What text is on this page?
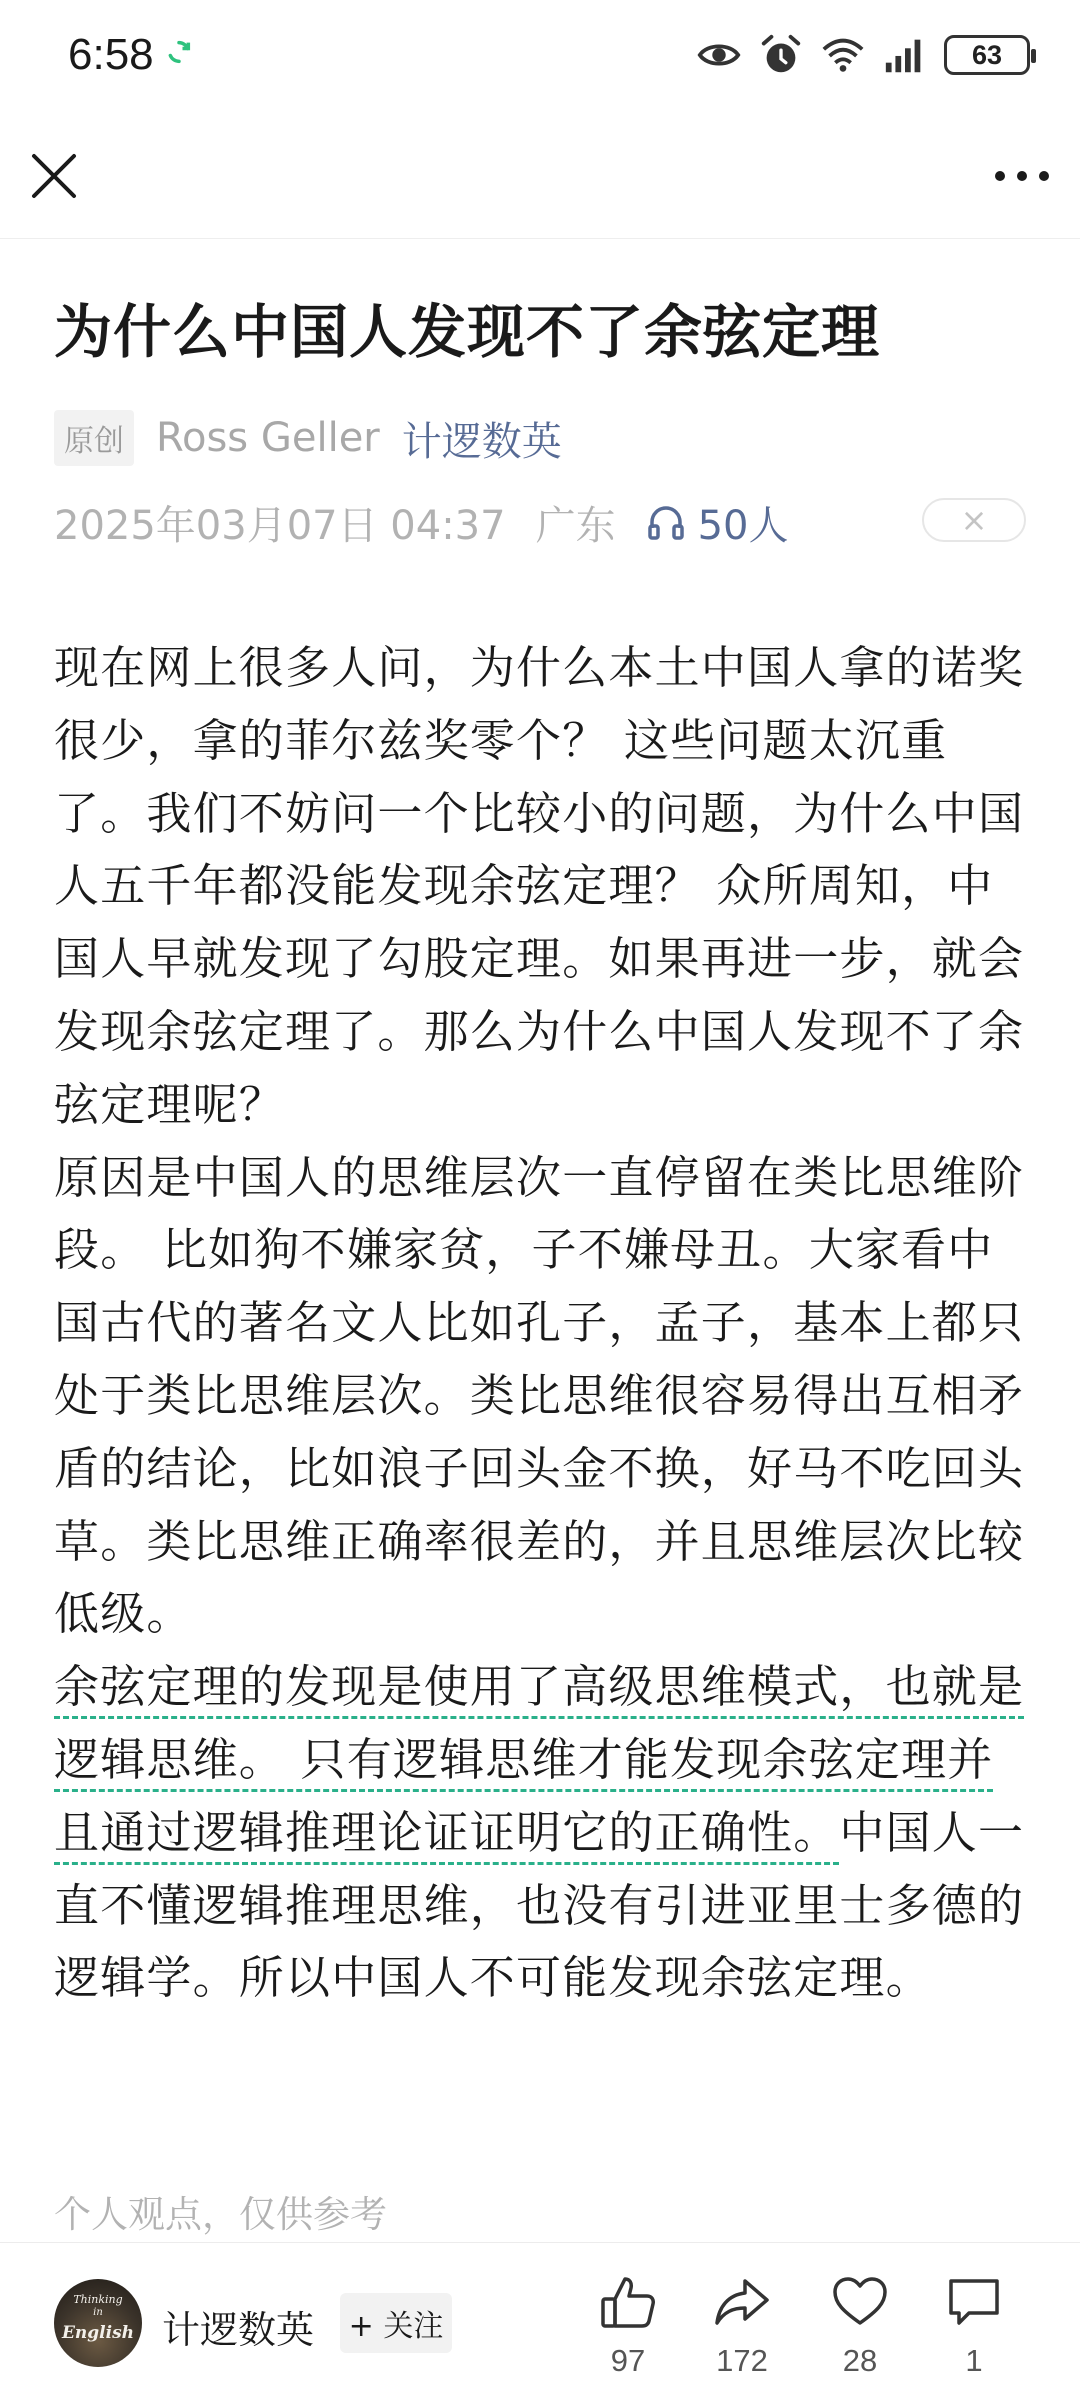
6:58	63
为什么中国人发现不了余弦定理
原创 Ross Geller 计逻数英
2025年03月07日 04:37 广东 50人	×

现在网上很多人问，为什么本土中国人拿的诺奖很少，拿的菲尔兹奖零个？ 这些问题太沉重了。我们不妨问一个比较小的问题，为什么中国人五千年都没能发现余弦定理？ 众所周知，中国人早就发现了勾股定理。如果再进一步，就会发现余弦定理了。那么为什么中国人发现不了余弦定理呢？

原因是中国人的思维层次一直停留在类比思维阶段。 比如狗不嫌家贫，子不嫌母丑。大家看中国古代的著名文人比如孔子，孟子，基本上都只处于类比思维层次。类比思维很容易得出互相矛盾的结论，比如浪子回头金不换，好马不吃回头草。类比思维正确率很差的，并且思维层次比较低级。

余弦定理的发现是使用了高级思维模式，也就是逻辑思维。 只有逻辑思维才能发现余弦定理并且通过逻辑推理论证证明它的正确性。中国人一直不懂逻辑推理思维，也没有引进亚里士多德的逻辑学。所以中国人不可能发现余弦定理。

个人观点，仅供参考
Thinking
in
English 计逻数英 + 关注
97	172	28	1
